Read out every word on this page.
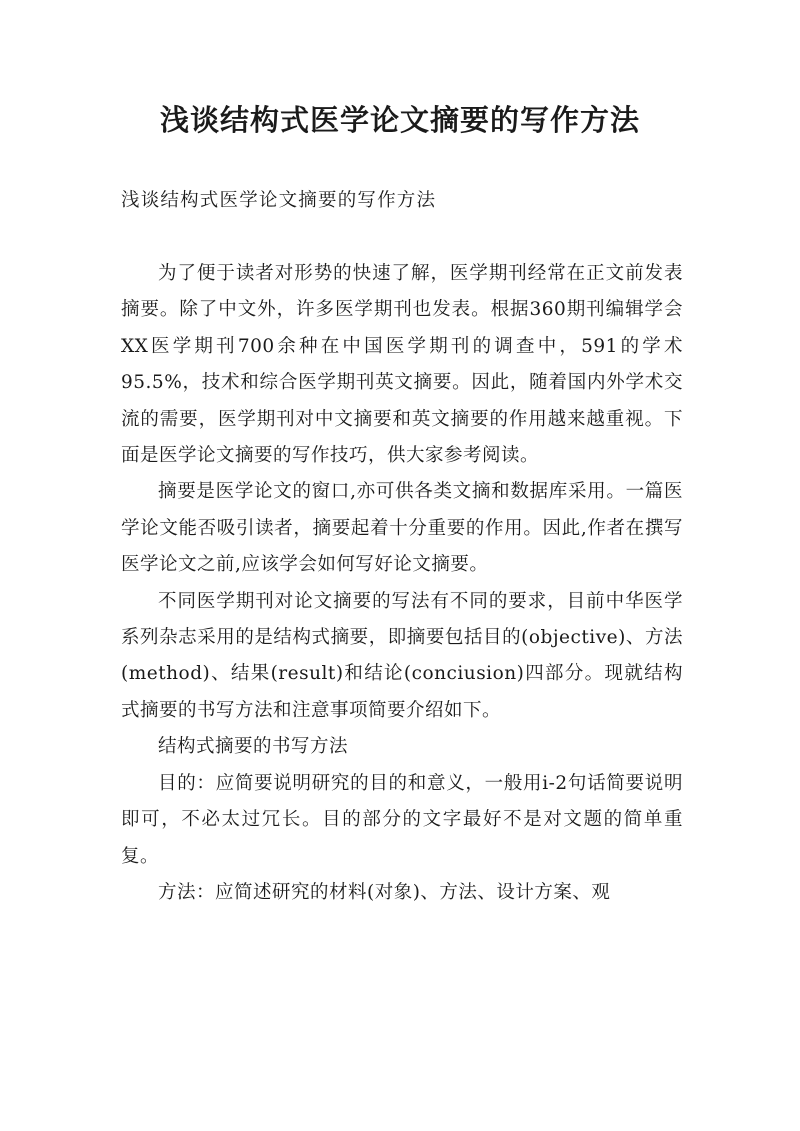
浅谈结构式医学论文摘要的写作方法

浅谈结构式医学论文摘要的写作方法

为了便于读者对形势的快速了解，医学期刊经常在正文前发表摘要。除了中文外，许多医学期刊也发表。根据360期刊编辑学会XX医学期刊700余种在中国医学期刊的调查中，591的学术95.5%，技术和综合医学期刊英文摘要。因此，随着国内外学术交流的需要，医学期刊对中文摘要和英文摘要的作用越来越重视。下面是医学论文摘要的写作技巧，供大家参考阅读。

摘要是医学论文的窗口,亦可供各类文摘和数据库采用。一篇医学论文能否吸引读者，摘要起着十分重要的作用。因此,作者在撰写医学论文之前,应该学会如何写好论文摘要。

不同医学期刊对论文摘要的写法有不同的要求，目前中华医学系列杂志采用的是结构式摘要，即摘要包括目的(objective)、方法(method)、结果(result)和结论(conciusion)四部分。现就结构式摘要的书写方法和注意事项简要介绍如下。

结构式摘要的书写方法

目的：应简要说明研究的目的和意义，一般用i-2句话简要说明即可，不必太过冗长。目的部分的文字最好不是对文题的简单重复。

方法：应简述研究的材料(对象)、方法、设计方案、观
